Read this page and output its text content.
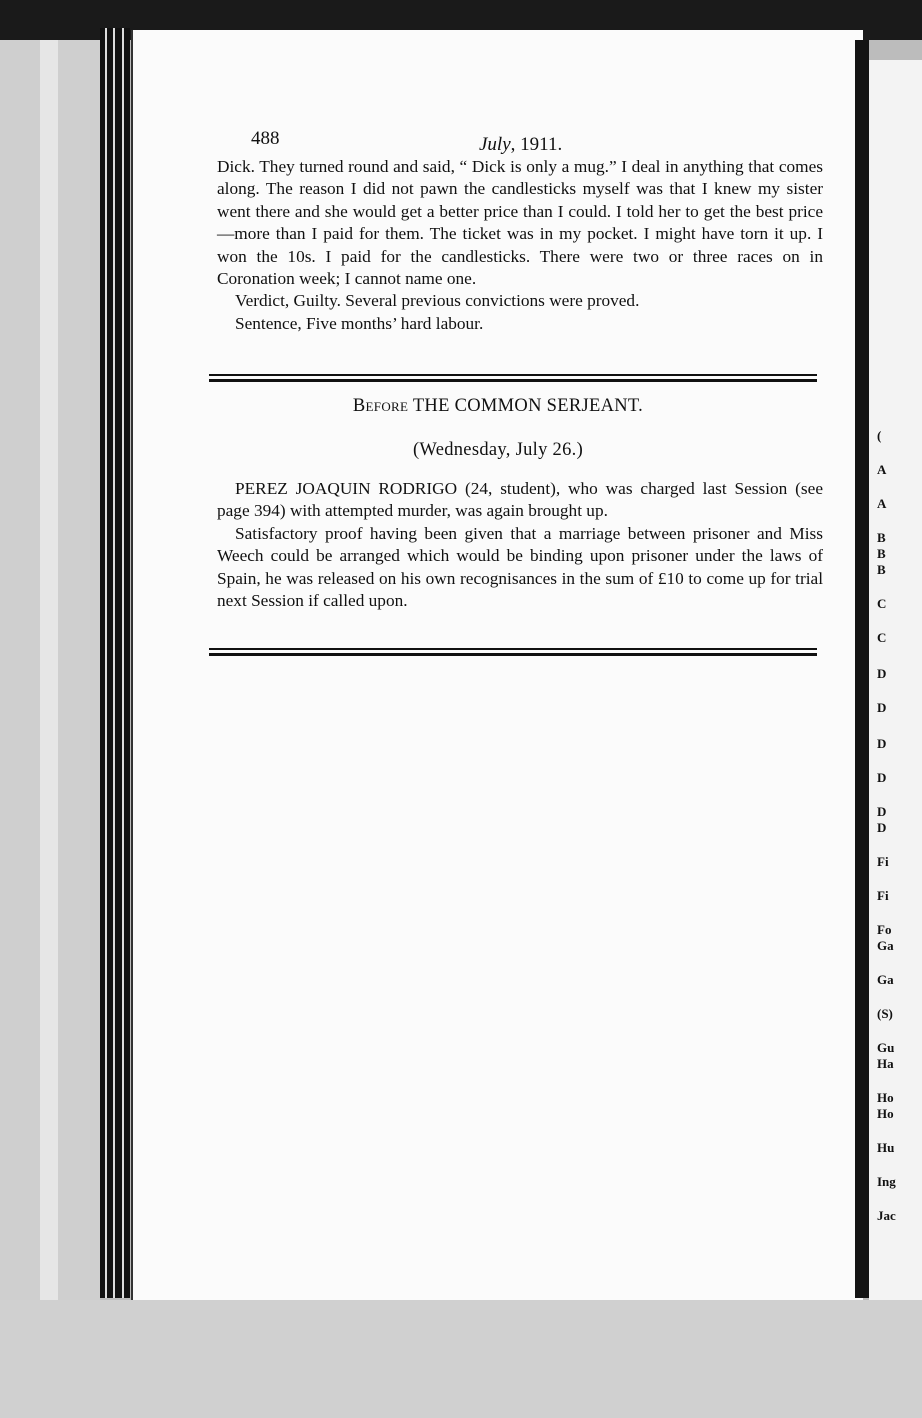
488	July, 1911.

Dick. They turned round and said, “ Dick is only a mug.” I deal in anything that comes along. The reason I did not pawn the candlesticks myself was that I knew my sister went there and she would get a better price than I could. I told her to get the best price—more than I paid for them. The ticket was in my pocket. I might have torn it up. I won the 10s. I paid for the candlesticks. There were two or three races on in Coronation week; I cannot name one.

Verdict, Guilty. Several previous convictions were proved.

Sentence, Five months’ hard labour.

Before THE COMMON SERJEANT.
(Wednesday, July 26.)

PEREZ JOAQUIN RODRIGO (24, student), who was charged last Session (see page 394) with attempted murder, was again brought up.

Satisfactory proof having been given that a marriage between prisoner and Miss Weech could be arranged which would be binding upon prisoner under the laws of Spain, he was released on his own recognisances in the sum of £10 to come up for trial next Session if called upon.

(
A
A
B
B
B
C
C
D
D
D
D
D
D
Fi
Fi
Fo
Ga
Ga
(S)
Gu
Ha
Ho
Ho
Hu
Ing
Jac
